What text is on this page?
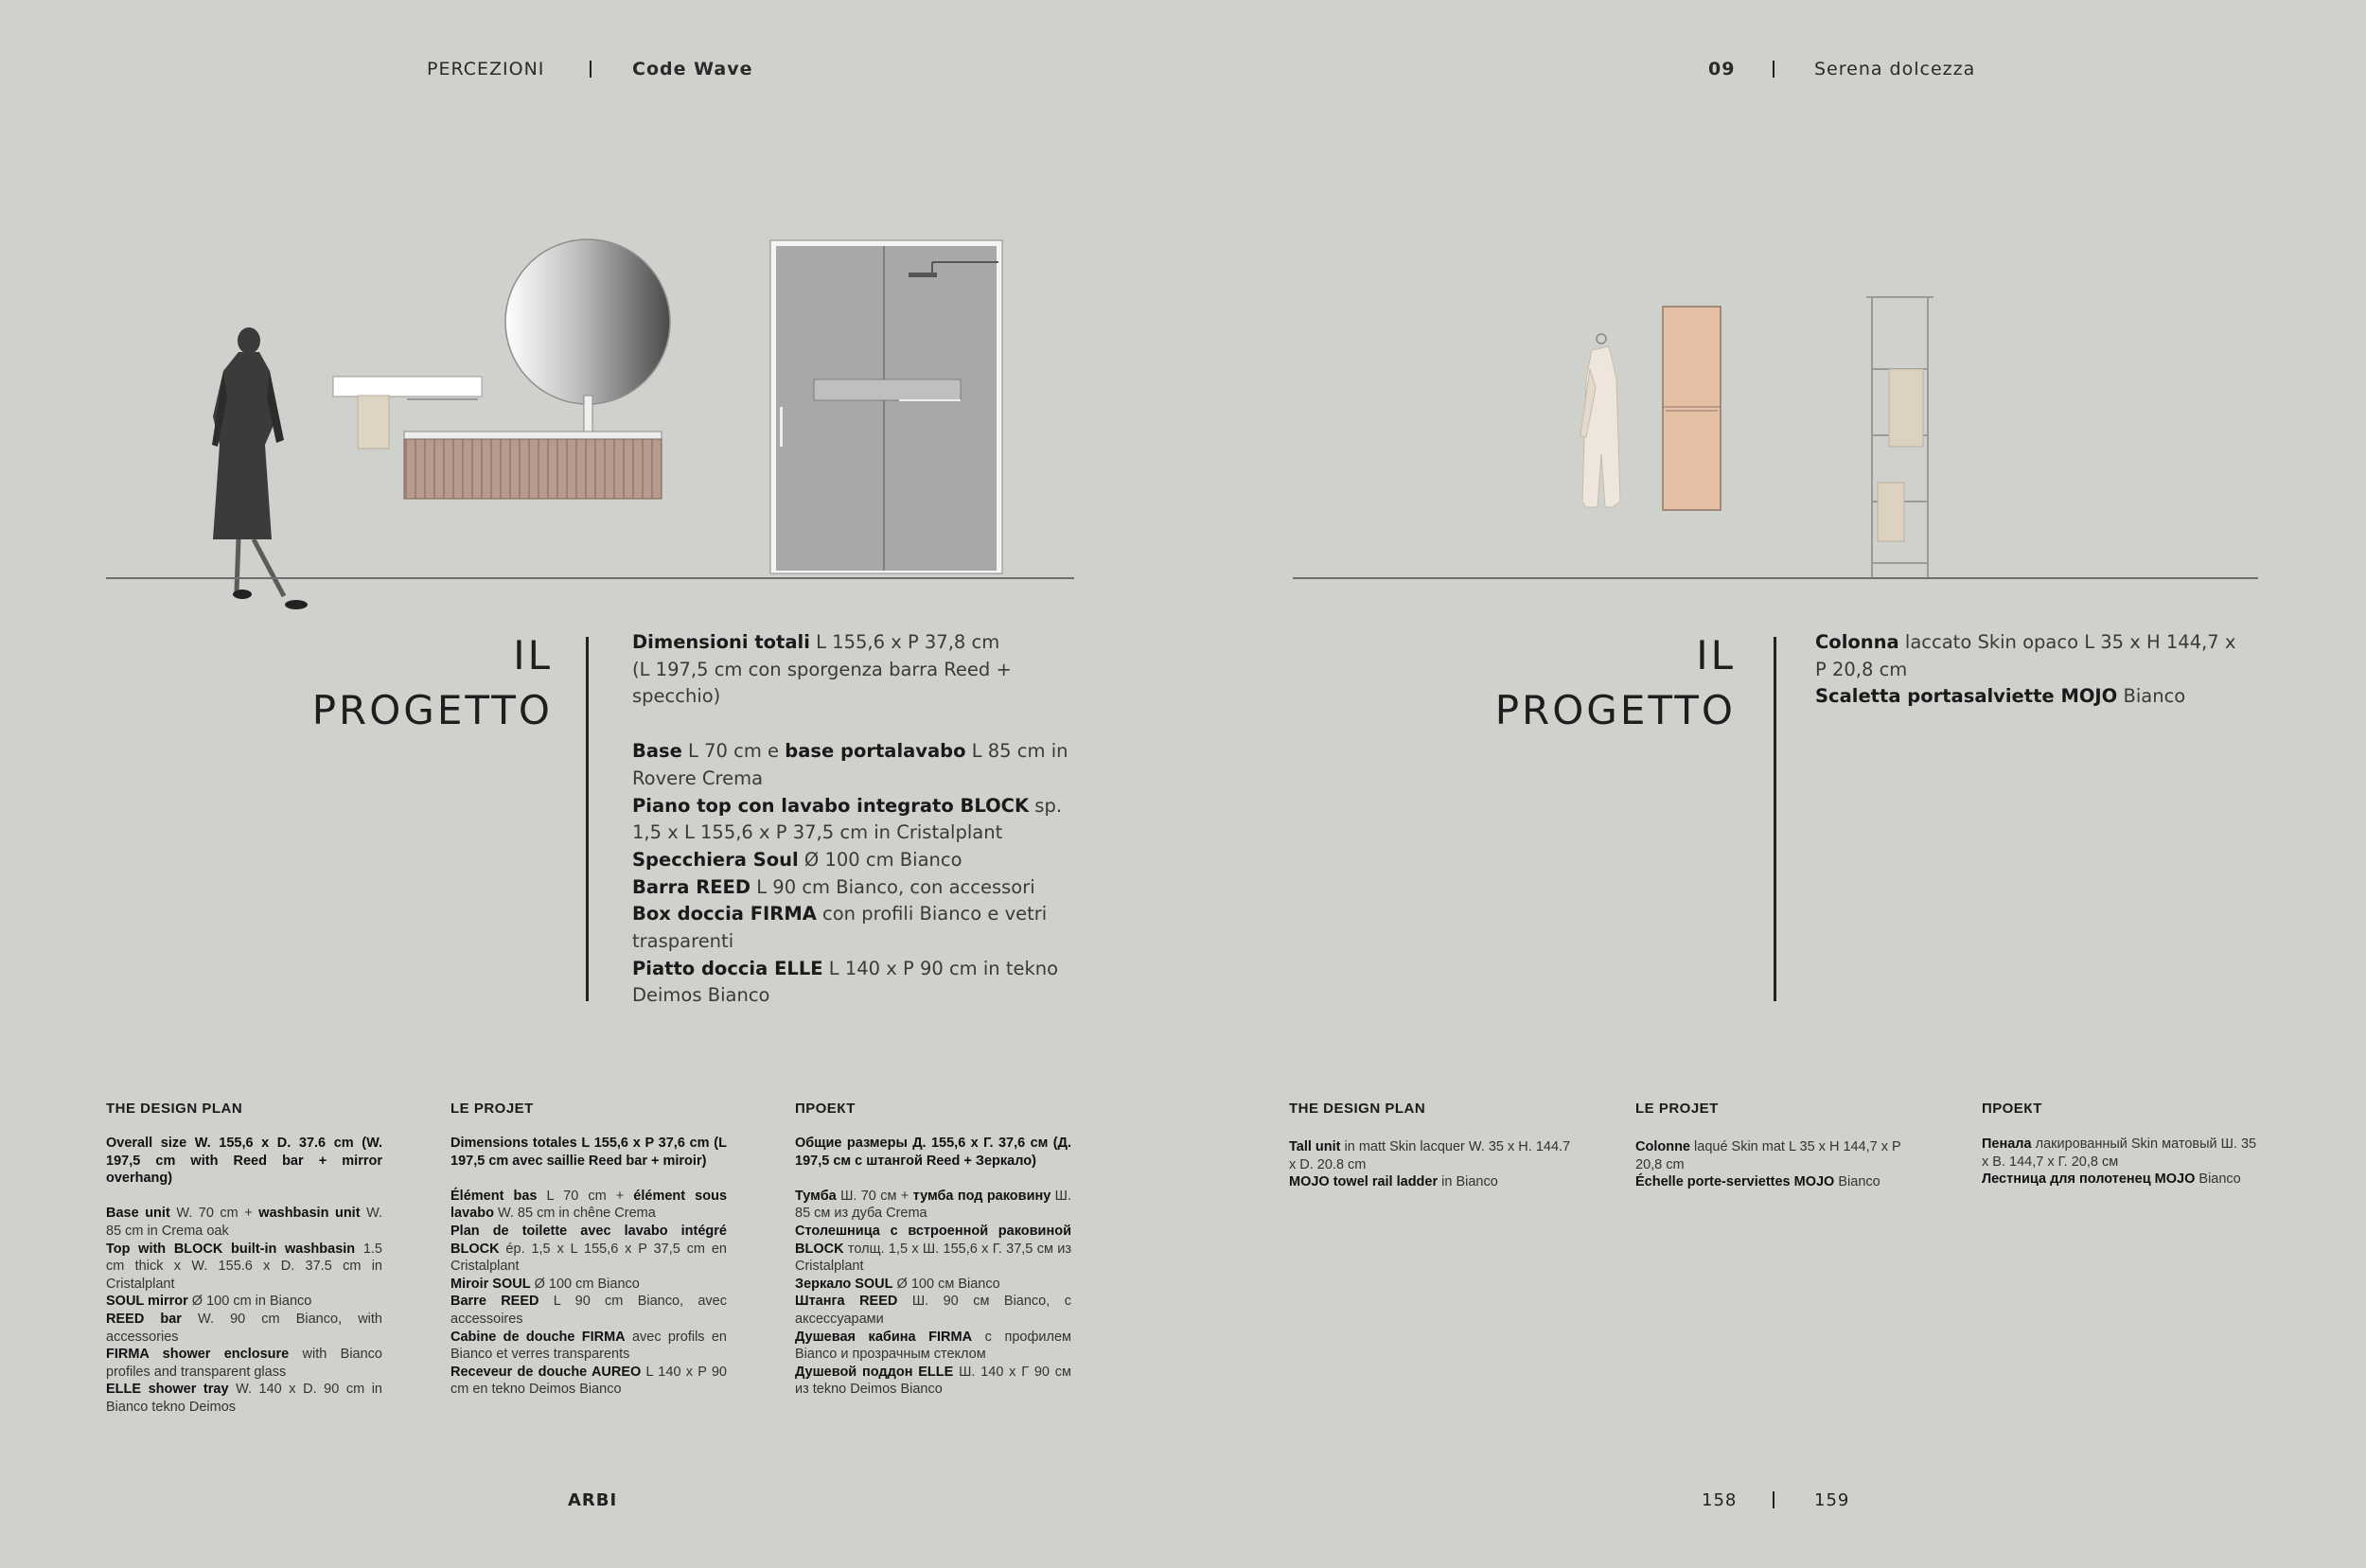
PERCEZIONI	Code Wave	09	Serena dolcezza
IL
PROGETTO

Dimensioni totali L 155,6 x P 37,8 cm

(L 197,5 cm con sporgenza barra Reed + specchio)

Base L 70 cm e base portalavabo L 85 cm in Rovere Crema

Piano top con lavabo integrato BLOCK sp. 1,5 x L 155,6 x P 37,5 cm in Cristalplant

Specchiera Soul Ø 100 cm Bianco

Barra REED L 90 cm Bianco, con accessori

Box doccia FIRMA con profili Bianco e vetri trasparenti

Piatto doccia ELLE L 140 x P 90 cm in tekno Deimos Bianco

IL
PROGETTO

Colonna laccato Skin opaco L 35 x H 144,7 x P 20,8 cm

Scaletta portasalviette MOJO Bianco

THE DESIGN PLAN

Overall size W. 155,6 x D. 37.6 cm (W. 197,5 cm with Reed bar + mirror overhang)

Base unit W. 70 cm + washbasin unit W. 85 cm in Crema oak

Top with BLOCK built-in washbasin 1.5 cm thick x W. 155.6 x D. 37.5 cm in Cristalplant

SOUL mirror Ø 100 cm in Bianco

REED bar W. 90 cm Bianco, with accessories

FIRMA shower enclosure with Bianco profiles and transparent glass

ELLE shower tray W. 140 x D. 90 cm in Bianco tekno Deimos

LE PROJET

Dimensions totales L 155,6 x P 37,6 cm (L 197,5 cm avec saillie Reed bar + miroir)

Élément bas L 70 cm + élément sous lavabo W. 85 cm in chêne Crema

Plan de toilette avec lavabo intégré BLOCK ép. 1,5 x L 155,6 x P 37,5 cm en Cristalplant

Miroir SOUL Ø 100 cm Bianco

Barre REED L 90 cm Bianco, avec accessoires

Cabine de douche FIRMA avec profils en Bianco et verres transparents

Receveur de douche AUREO L 140 x P 90 cm en tekno Deimos Bianco

ПРОЕКТ

Общие размеры Д. 155,6 х Г. 37,6 см (Д. 197,5 см с штангой Reed + Зеркало)

Тумба Ш. 70 см + тумба под раковину Ш. 85 см из дуба Crema

Столешница с встроенной раковиной BLOCK толщ. 1,5 х Ш. 155,6 х Г. 37,5 см из Cristalplant

Зеркало SOUL Ø 100 см Bianco

Штанга REED Ш. 90 см Bianco, с аксессуарами

Душевая кабина FIRMA с профилем Bianco и прозрачным стеклом

Душевой поддон ELLE Ш. 140 х Г 90 см из tekno Deimos Bianco

THE DESIGN PLAN

Tall unit in matt Skin lacquer W. 35 x H. 144.7 x D. 20.8 cm

MOJO towel rail ladder in Bianco

LE PROJET

Colonne laqué Skin mat L 35 x H 144,7 x P 20,8 cm

Échelle porte-serviettes MOJO Bianco

ПРОЕКТ

Пенала лакированный Skin матовый Ш. 35 х В. 144,7 х Г. 20,8 см

Лестница для полотенец MOJO Bianco

ARBI	158	159
